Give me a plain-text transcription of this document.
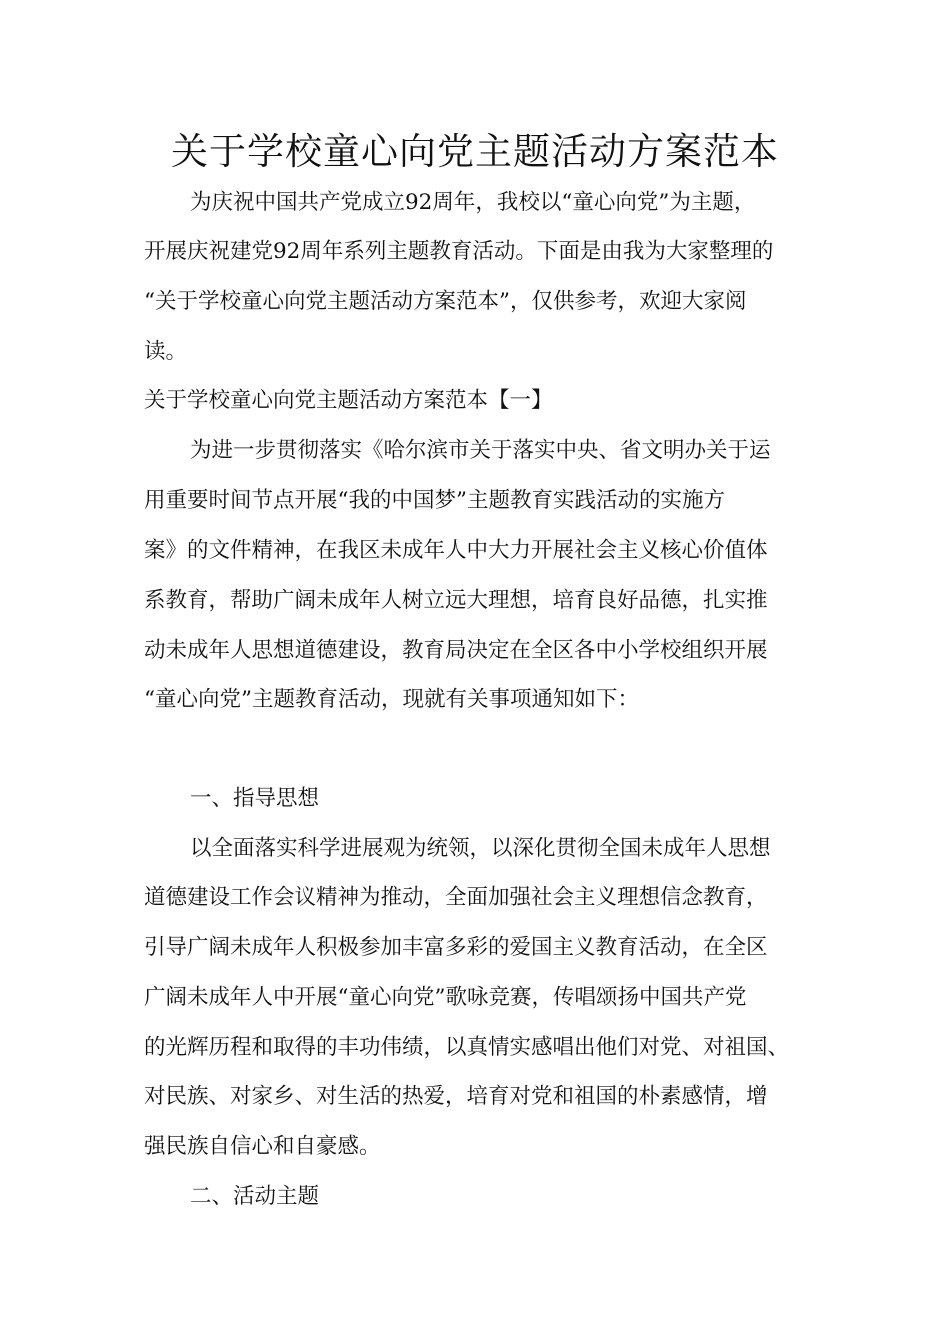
关于学校童心向党主题活动方案范本
为庆祝中国共产党成立92周年，我校以“童心向党”为主题，
开展庆祝建党92周年系列主题教育活动。下面是由我为大家整理的
“关于学校童心向党主题活动方案范本”，仅供参考，欢迎大家阅
读。
关于学校童心向党主题活动方案范本【一】
为进一步贯彻落实《哈尔滨市关于落实中央、省文明办关于运
用重要时间节点开展“我的中国梦”主题教育实践活动的实施方
案》的文件精神，在我区未成年人中大力开展社会主义核心价值体
系教育，帮助广阔未成年人树立远大理想，培育良好品德，扎实推
动未成年人思想道德建设，教育局决定在全区各中小学校组织开展
“童心向党”主题教育活动，现就有关事项通知如下：
一、指导思想
以全面落实科学进展观为统领，以深化贯彻全国未成年人思想
道德建设工作会议精神为推动，全面加强社会主义理想信念教育，
引导广阔未成年人积极参加丰富多彩的爱国主义教育活动，在全区
广阔未成年人中开展“童心向党”歌咏竞赛，传唱颂扬中国共产党
的光辉历程和取得的丰功伟绩，以真情实感唱出他们对党、对祖国、
对民族、对家乡、对生活的热爱，培育对党和祖国的朴素感情，增
强民族自信心和自豪感。
二、活动主题
